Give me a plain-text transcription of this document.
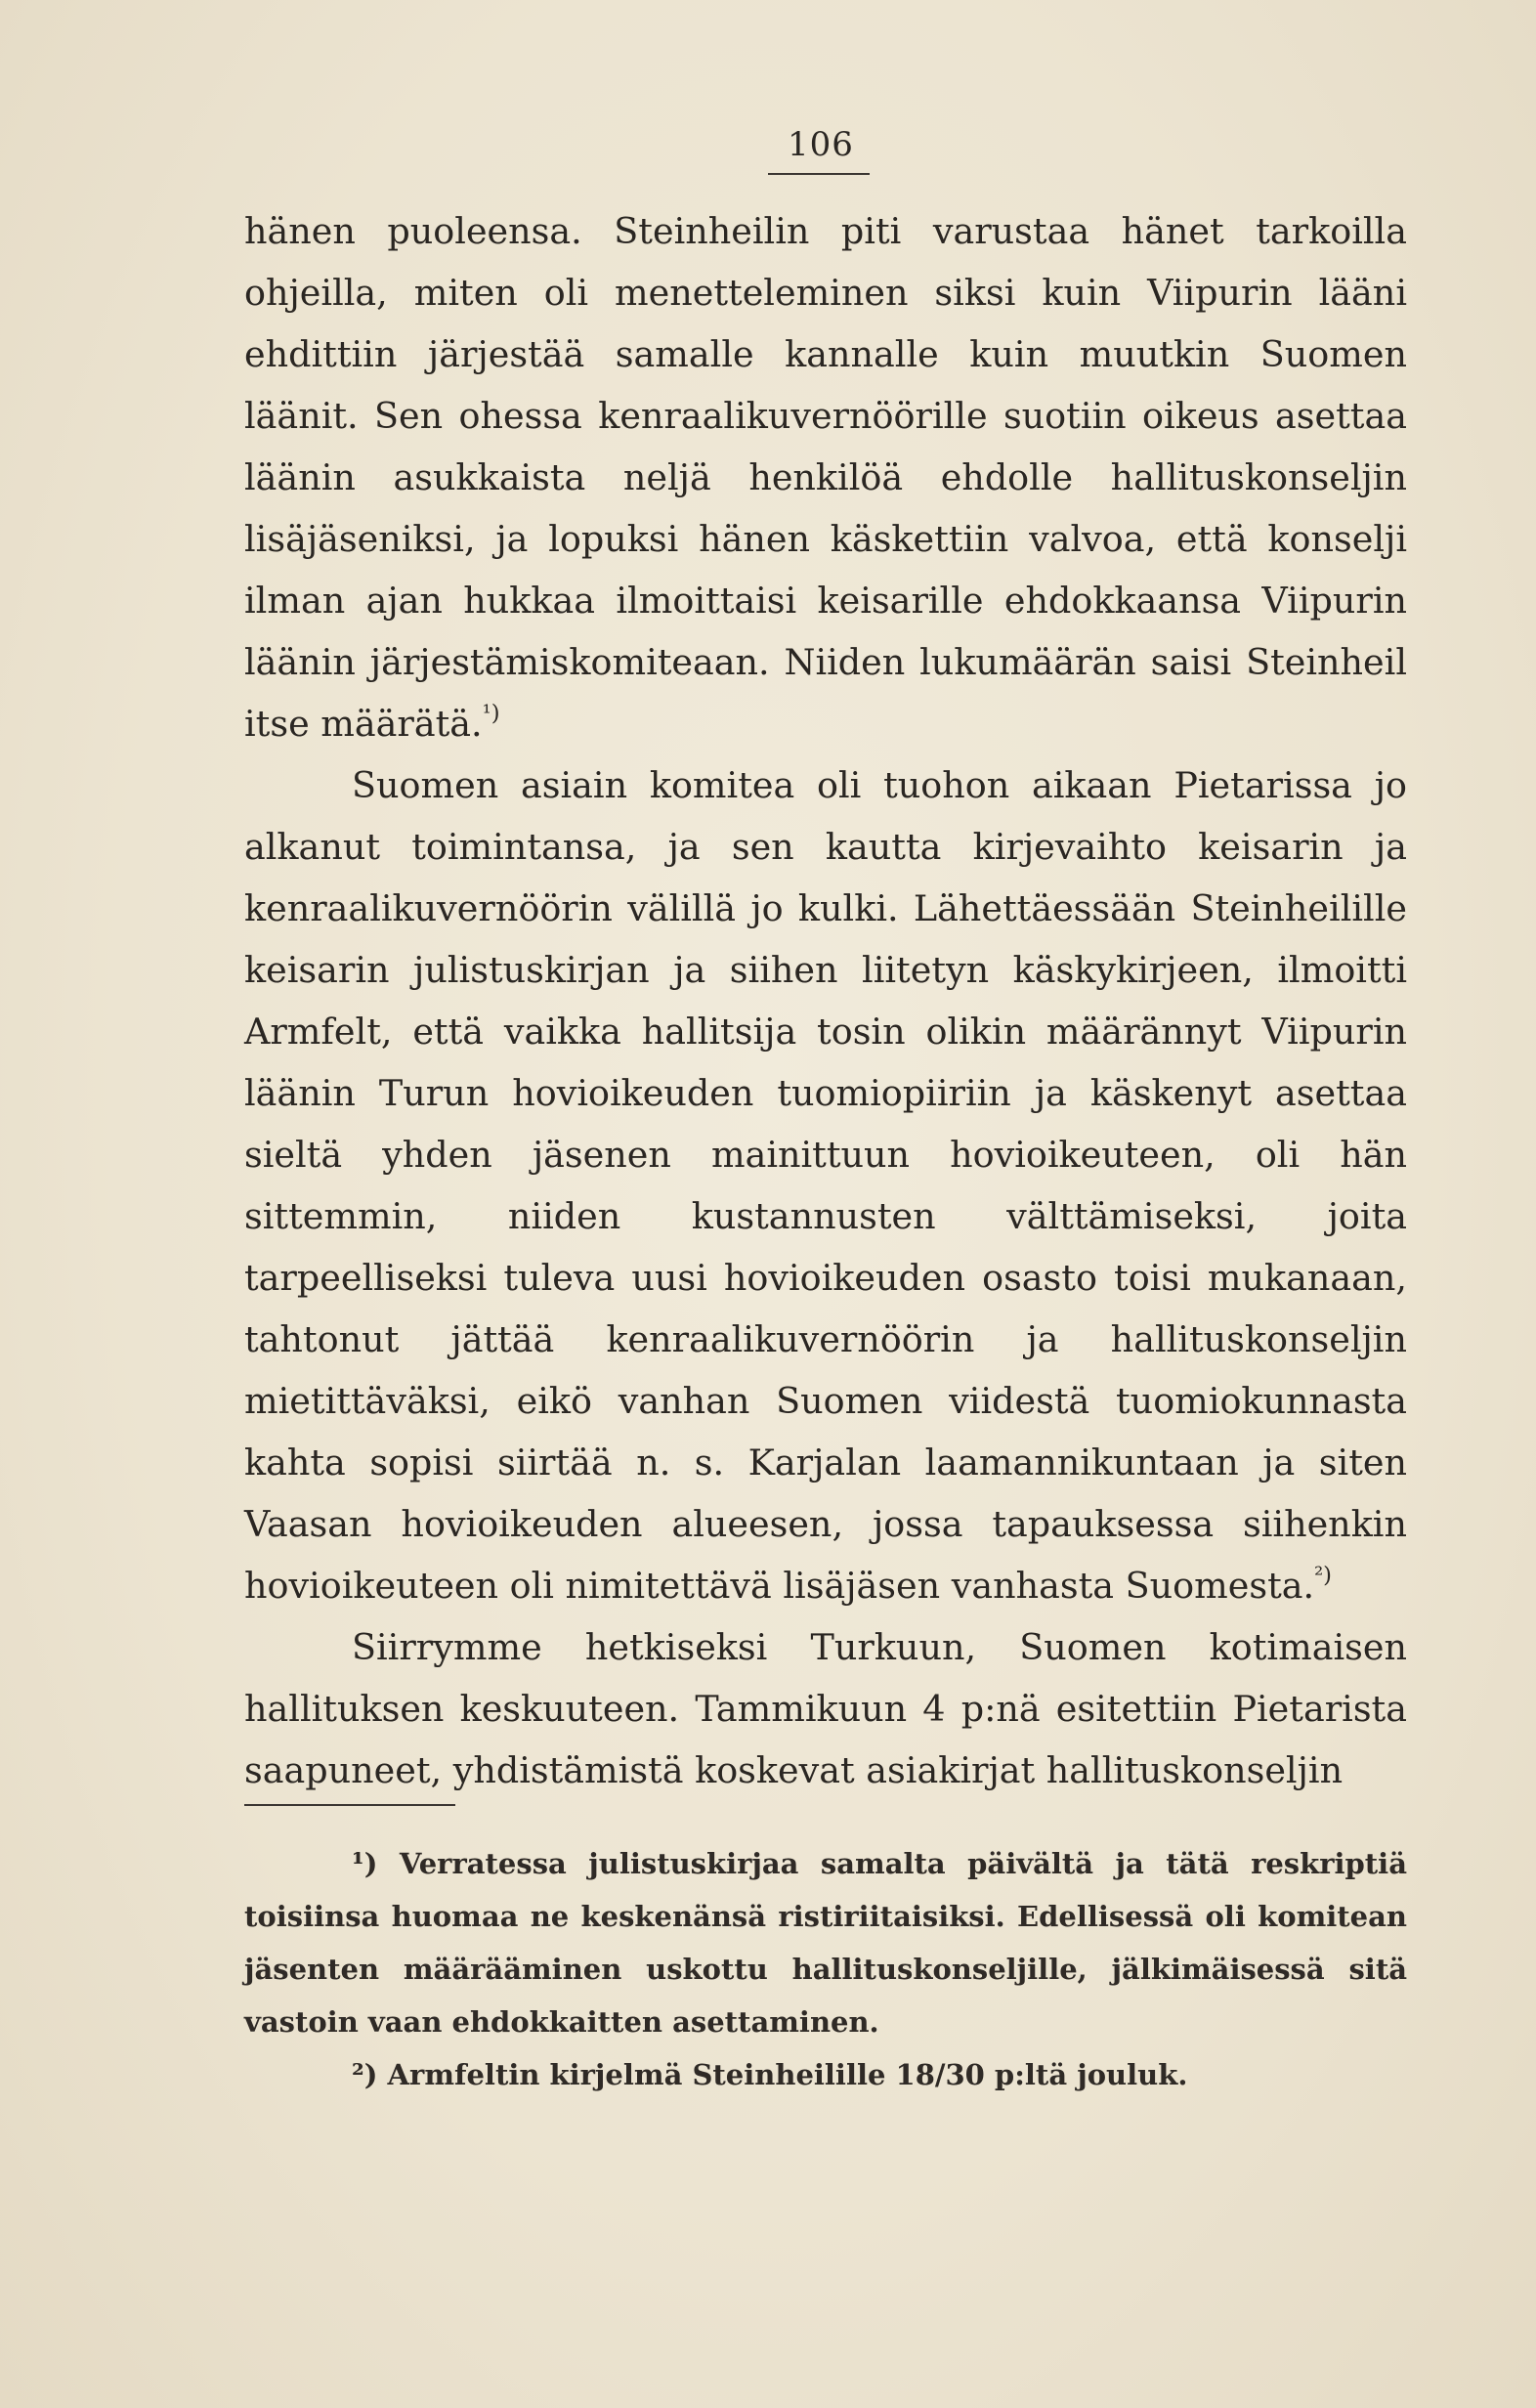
106

hänen puoleensa. Steinheilin piti varustaa hänet tarkoilla ohjeilla, miten oli menetteleminen siksi kuin Viipurin lääni ehdittiin järjestää samalle kannalle kuin muutkin Suomen läänit. Sen ohessa kenraalikuvernöörille suotiin oikeus asettaa läänin asukkaista neljä henkilöä ehdolle hallituskonseljin lisäjäseniksi, ja lopuksi hänen käskettiin valvoa, että konselji ilman ajan hukkaa ilmoittaisi keisarille ehdokkaansa Viipurin läänin järjestämiskomiteaan. Niiden lukumäärän saisi Steinheil itse määrätä.$^{^1)}$

Suomen asiain komitea oli tuohon aikaan Pietarissa jo alkanut toimintansa, ja sen kautta kirjevaihto keisarin ja kenraalikuvernöörin välillä jo kulki. Lähettäessään Steinheilille keisarin julistuskirjan ja siihen liitetyn käskykirjeen, ilmoitti Armfelt, että vaikka hallitsija tosin olikin määrännyt Viipurin läänin Turun hovioikeuden tuomiopiiriin ja käskenyt asettaa sieltä yhden jäsenen mainittuun hovioikeuteen, oli hän sittemmin, niiden kustannusten välttämiseksi, joita tarpeelliseksi tuleva uusi hovioikeuden osasto toisi mukanaan, tahtonut jättää kenraalikuvernöörin ja hallituskonseljin mietittäväksi, eikö vanhan Suomen viidestä tuomiokunnasta kahta sopisi siirtää n. s. Karjalan laamannikuntaan ja siten Vaasan hovioikeuden alueesen, jossa tapauksessa siihenkin hovioikeuteen oli nimitettävä lisäjäsen vanhasta Suomesta.$^{^2)}$

Siirrymme hetkiseksi Turkuun, Suomen kotimaisen hallituksen keskuuteen. Tammikuun 4 p:nä esitettiin Pietarista saapuneet, yhdistämistä koskevat asiakirjat hallituskonseljin

¹) Verratessa julistuskirjaa samalta päivältä ja tätä reskriptiä toisiinsa huomaa ne keskenänsä ristiriitaisiksi. Edellisessä oli komitean jäsenten määrääminen uskottu hallituskonseljille, jälkimäisessä sitä vastoin vaan ehdokkaitten asettaminen.

²) Armfeltin kirjelmä Steinheilille 18/30 p:ltä jouluk.
